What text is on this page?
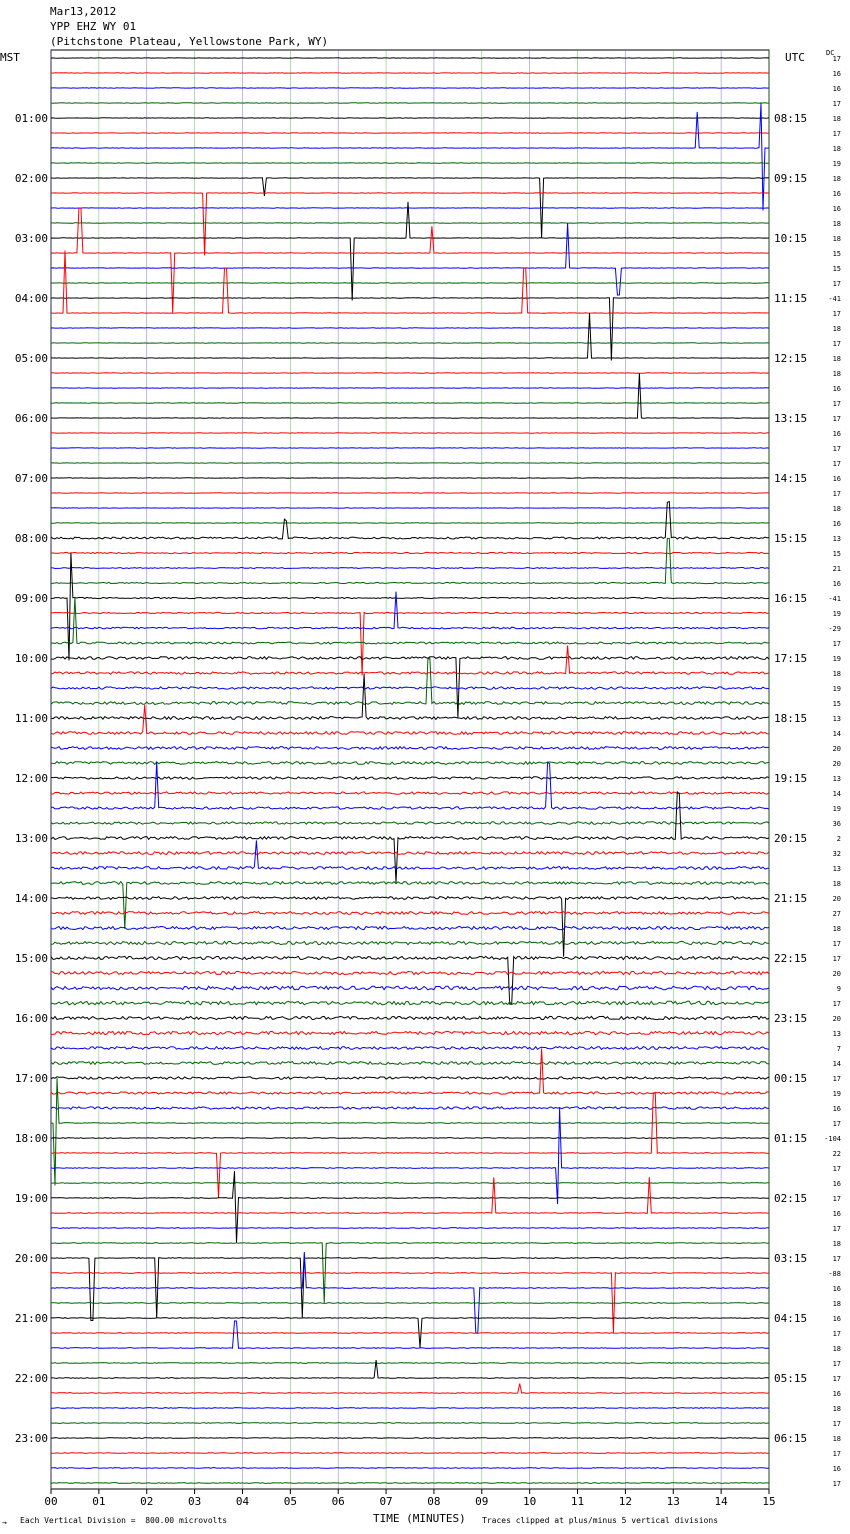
Mar13,2012
YPP EHZ WY 01
(Pitchstone Plateau, Yellowstone Park, WY)
MST	UTC	DC
00	01	02	03	04	05	06	07	08	09	10	11	12	13	14	15
17
16
16
17
18
01:00	08:15
17
18
19
18
02:00	09:15
16
16
18
18
03:00	10:15
15
15
17
-41
04:00	11:15
17
18
17
18
05:00	12:15
18
16
17
17
06:00	13:15
16
17
17
16
07:00	14:15
17
18
16
13
08:00	15:15
15
21
16
-41
09:00	16:15
19
-29
17
19
10:00	17:15
18
19
15
13
11:00	18:15
14
20
20
13
12:00	19:15
14
19
36
2
13:00	20:15
32
13
18
20
14:00	21:15
27
18
17
17
15:00	22:15
20
9
17
20
16:00	23:15
13
7
14
17
17:00	00:15
19
16
17
-104
18:00	01:15
22
17
16
17
19:00	02:15
16
17
18
17
20:00	03:15
-88
16
18
16
21:00	04:15
17
18
17
17
22:00	05:15
16
18
17
18
23:00	06:15
17
16
17
→ Each Vertical Division =  800.00 microvolts	TIME (MINUTES) Traces clipped at plus/minus 5 vertical divisions
